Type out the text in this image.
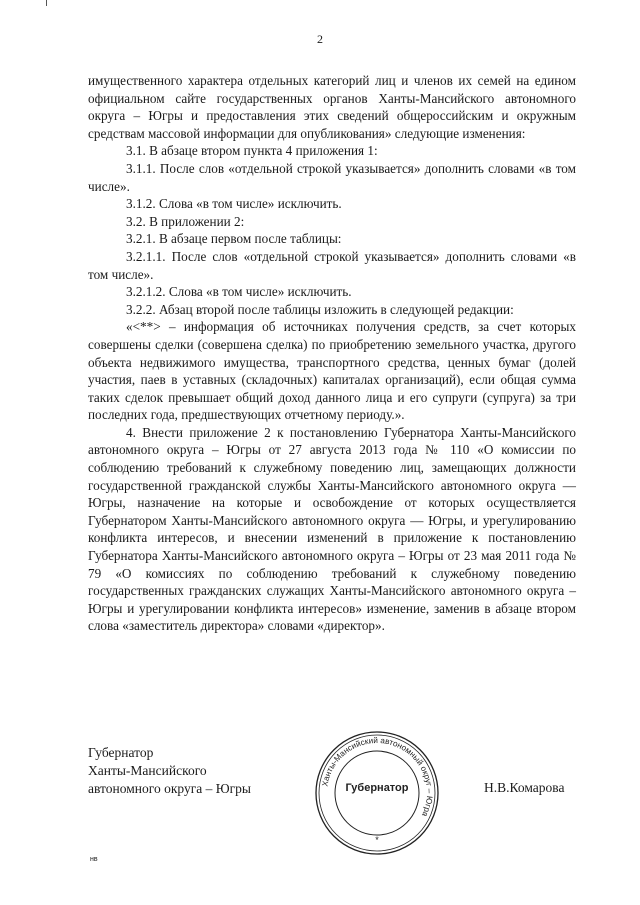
2

имущественного характера отдельных категорий лиц и членов их семей на едином официальном сайте государственных органов Ханты-Мансийского автономного округа – Югры и предоставления этих сведений общероссийским и окружным средствам массовой информации для опубликования» следующие изменения:

3.1. В абзаце втором пункта 4 приложения 1:

3.1.1. После слов «отдельной строкой указывается» дополнить словами «в том числе».

3.1.2. Слова «в том числе» исключить.

3.2. В приложении 2:

3.2.1. В абзаце первом после таблицы:

3.2.1.1. После слов «отдельной строкой указывается» дополнить словами «в том числе».

3.2.1.2. Слова «в том числе» исключить.

3.2.2. Абзац второй после таблицы изложить в следующей редакции:

«<**> – информация об источниках получения средств, за счет которых совершены сделки (совершена сделка) по приобретению земельного участка, другого объекта недвижимого имущества, транспортного средства, ценных бумаг (долей участия, паев в уставных (складочных) капиталах организаций), если общая сумма таких сделок превышает общий доход данного лица и его супруги (супруга) за три последних года, предшествующих отчетному периоду.».

4. Внести приложение 2 к постановлению Губернатора Ханты-Мансийского автономного округа – Югры от 27 августа 2013 года № 110 «О комиссии по соблюдению требований к служебному поведению лиц, замещающих должности государственной гражданской службы Ханты-Мансийского автономного округа — Югры, назначение на которые и освобождение от которых осуществляется Губернатором Ханты-Мансийского автономного округа — Югры, и урегулированию конфликта интересов, и внесении изменений в приложение к постановлению Губернатора Ханты-Мансийского автономного округа – Югры от 23 мая 2011 года № 79 «О комиссиях по соблюдению требований к служебному поведению государственных гражданских служащих Ханты-Мансийского автономного округа – Югры и урегулировании конфликта интересов» изменение, заменив в абзаце втором слова «заместитель директора» словами «директор».

Губернатор
Ханты-Мансийского
автономного округа – Югры	Ханты-Мансийский автономный округ – Югра
Губернатор
*
Н.В.Комарова
нв
